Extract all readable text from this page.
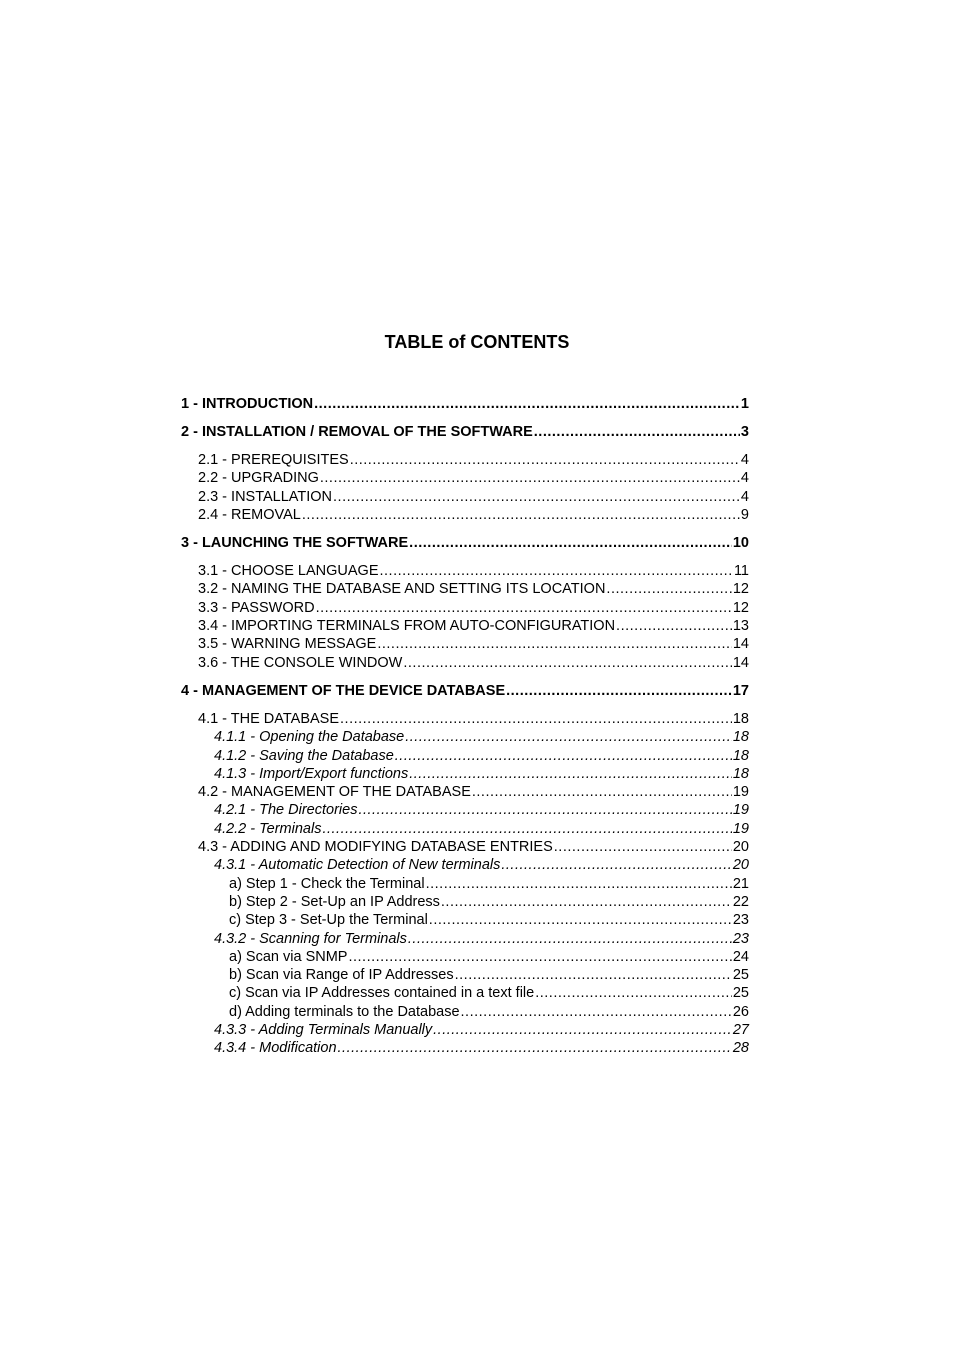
TABLE of CONTENTS
1 - INTRODUCTION .....	1
2 - INSTALLATION / REMOVAL OF THE SOFTWARE .....	3
2.1 - PREREQUISITES .....	4
2.2 - UPGRADING .....	4
2.3 - INSTALLATION .....	4
2.4 - REMOVAL .....	9
3 - LAUNCHING THE SOFTWARE .....	10
3.1 - CHOOSE LANGUAGE .....	11
3.2 - NAMING THE DATABASE AND SETTING ITS LOCATION .....	12
3.3 - PASSWORD .....	12
3.4 - IMPORTING TERMINALS FROM AUTO-CONFIGURATION .....	13
3.5 - WARNING MESSAGE .....	14
3.6 - THE CONSOLE WINDOW .....	14
4 - MANAGEMENT OF THE DEVICE DATABASE .....	17
4.1 - THE DATABASE .....	18
4.1.1 - Opening the Database .....	18
4.1.2 - Saving the Database .....	18
4.1.3 - Import/Export functions .....	18
4.2 - MANAGEMENT OF THE DATABASE .....	19
4.2.1 - The Directories .....	19
4.2.2 - Terminals .....	19
4.3 - ADDING AND MODIFYING DATABASE ENTRIES .....	20
4.3.1 - Automatic Detection of New terminals .....	20
a) Step 1 - Check the Terminal .....	21
b) Step 2 - Set-Up an IP Address .....	22
c) Step 3 - Set-Up the Terminal .....	23
4.3.2 - Scanning for Terminals .....	23
a) Scan via SNMP .....	24
b) Scan via Range of IP Addresses .....	25
c) Scan via IP Addresses contained in a text file .....	25
d) Adding terminals to the Database .....	26
4.3.3 - Adding Terminals Manually .....	27
4.3.4 - Modification .....	28
